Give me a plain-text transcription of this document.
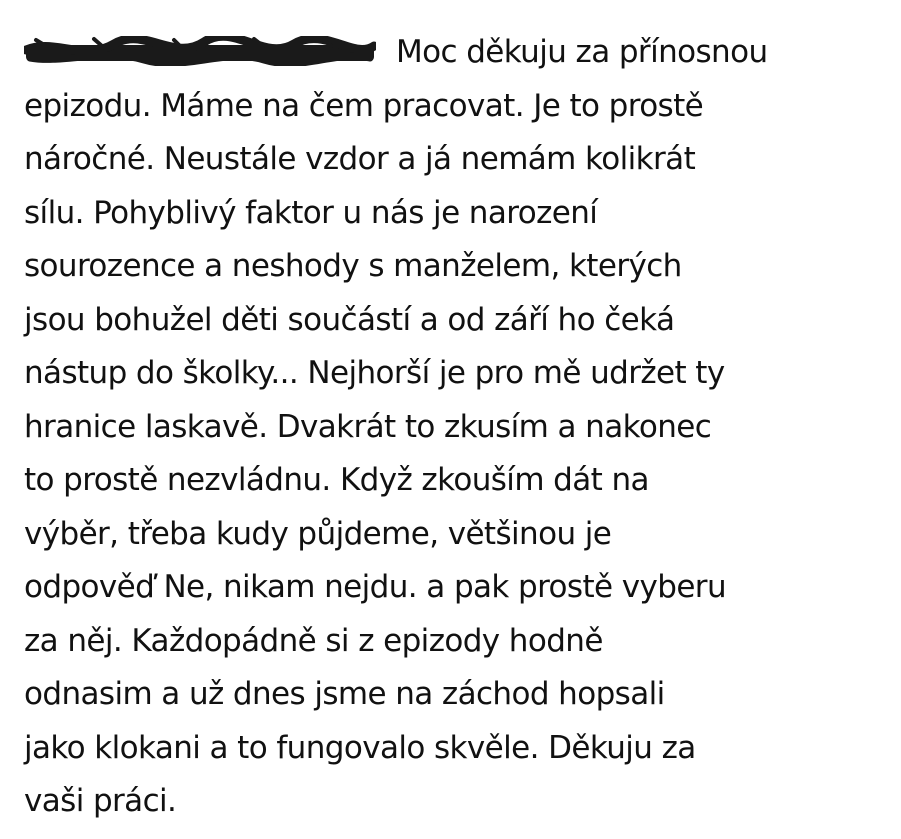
Moc děkuju za přínosnou
epizodu. Máme na čem pracovat. Je to prostě
náročné. Neustále vzdor a já nemám kolikrát
sílu. Pohyblivý faktor u nás je narození
sourozence a neshody s manželem, kterých
jsou bohužel děti součástí a od září ho čeká
nástup do školky... Nejhorší je pro mě udržet ty
hranice laskavě. Dvakrát to zkusím a nakonec
to prostě nezvládnu. Když zkouším dát na
výběr, třeba kudy půjdeme, většinou je
odpověď Ne, nikam nejdu. a pak prostě vyberu
za něj. Každopádně si z epizody hodně
odnasim a už dnes jsme na záchod hopsali
jako klokani a to fungovalo skvěle. Děkuju za
vaši práci.
